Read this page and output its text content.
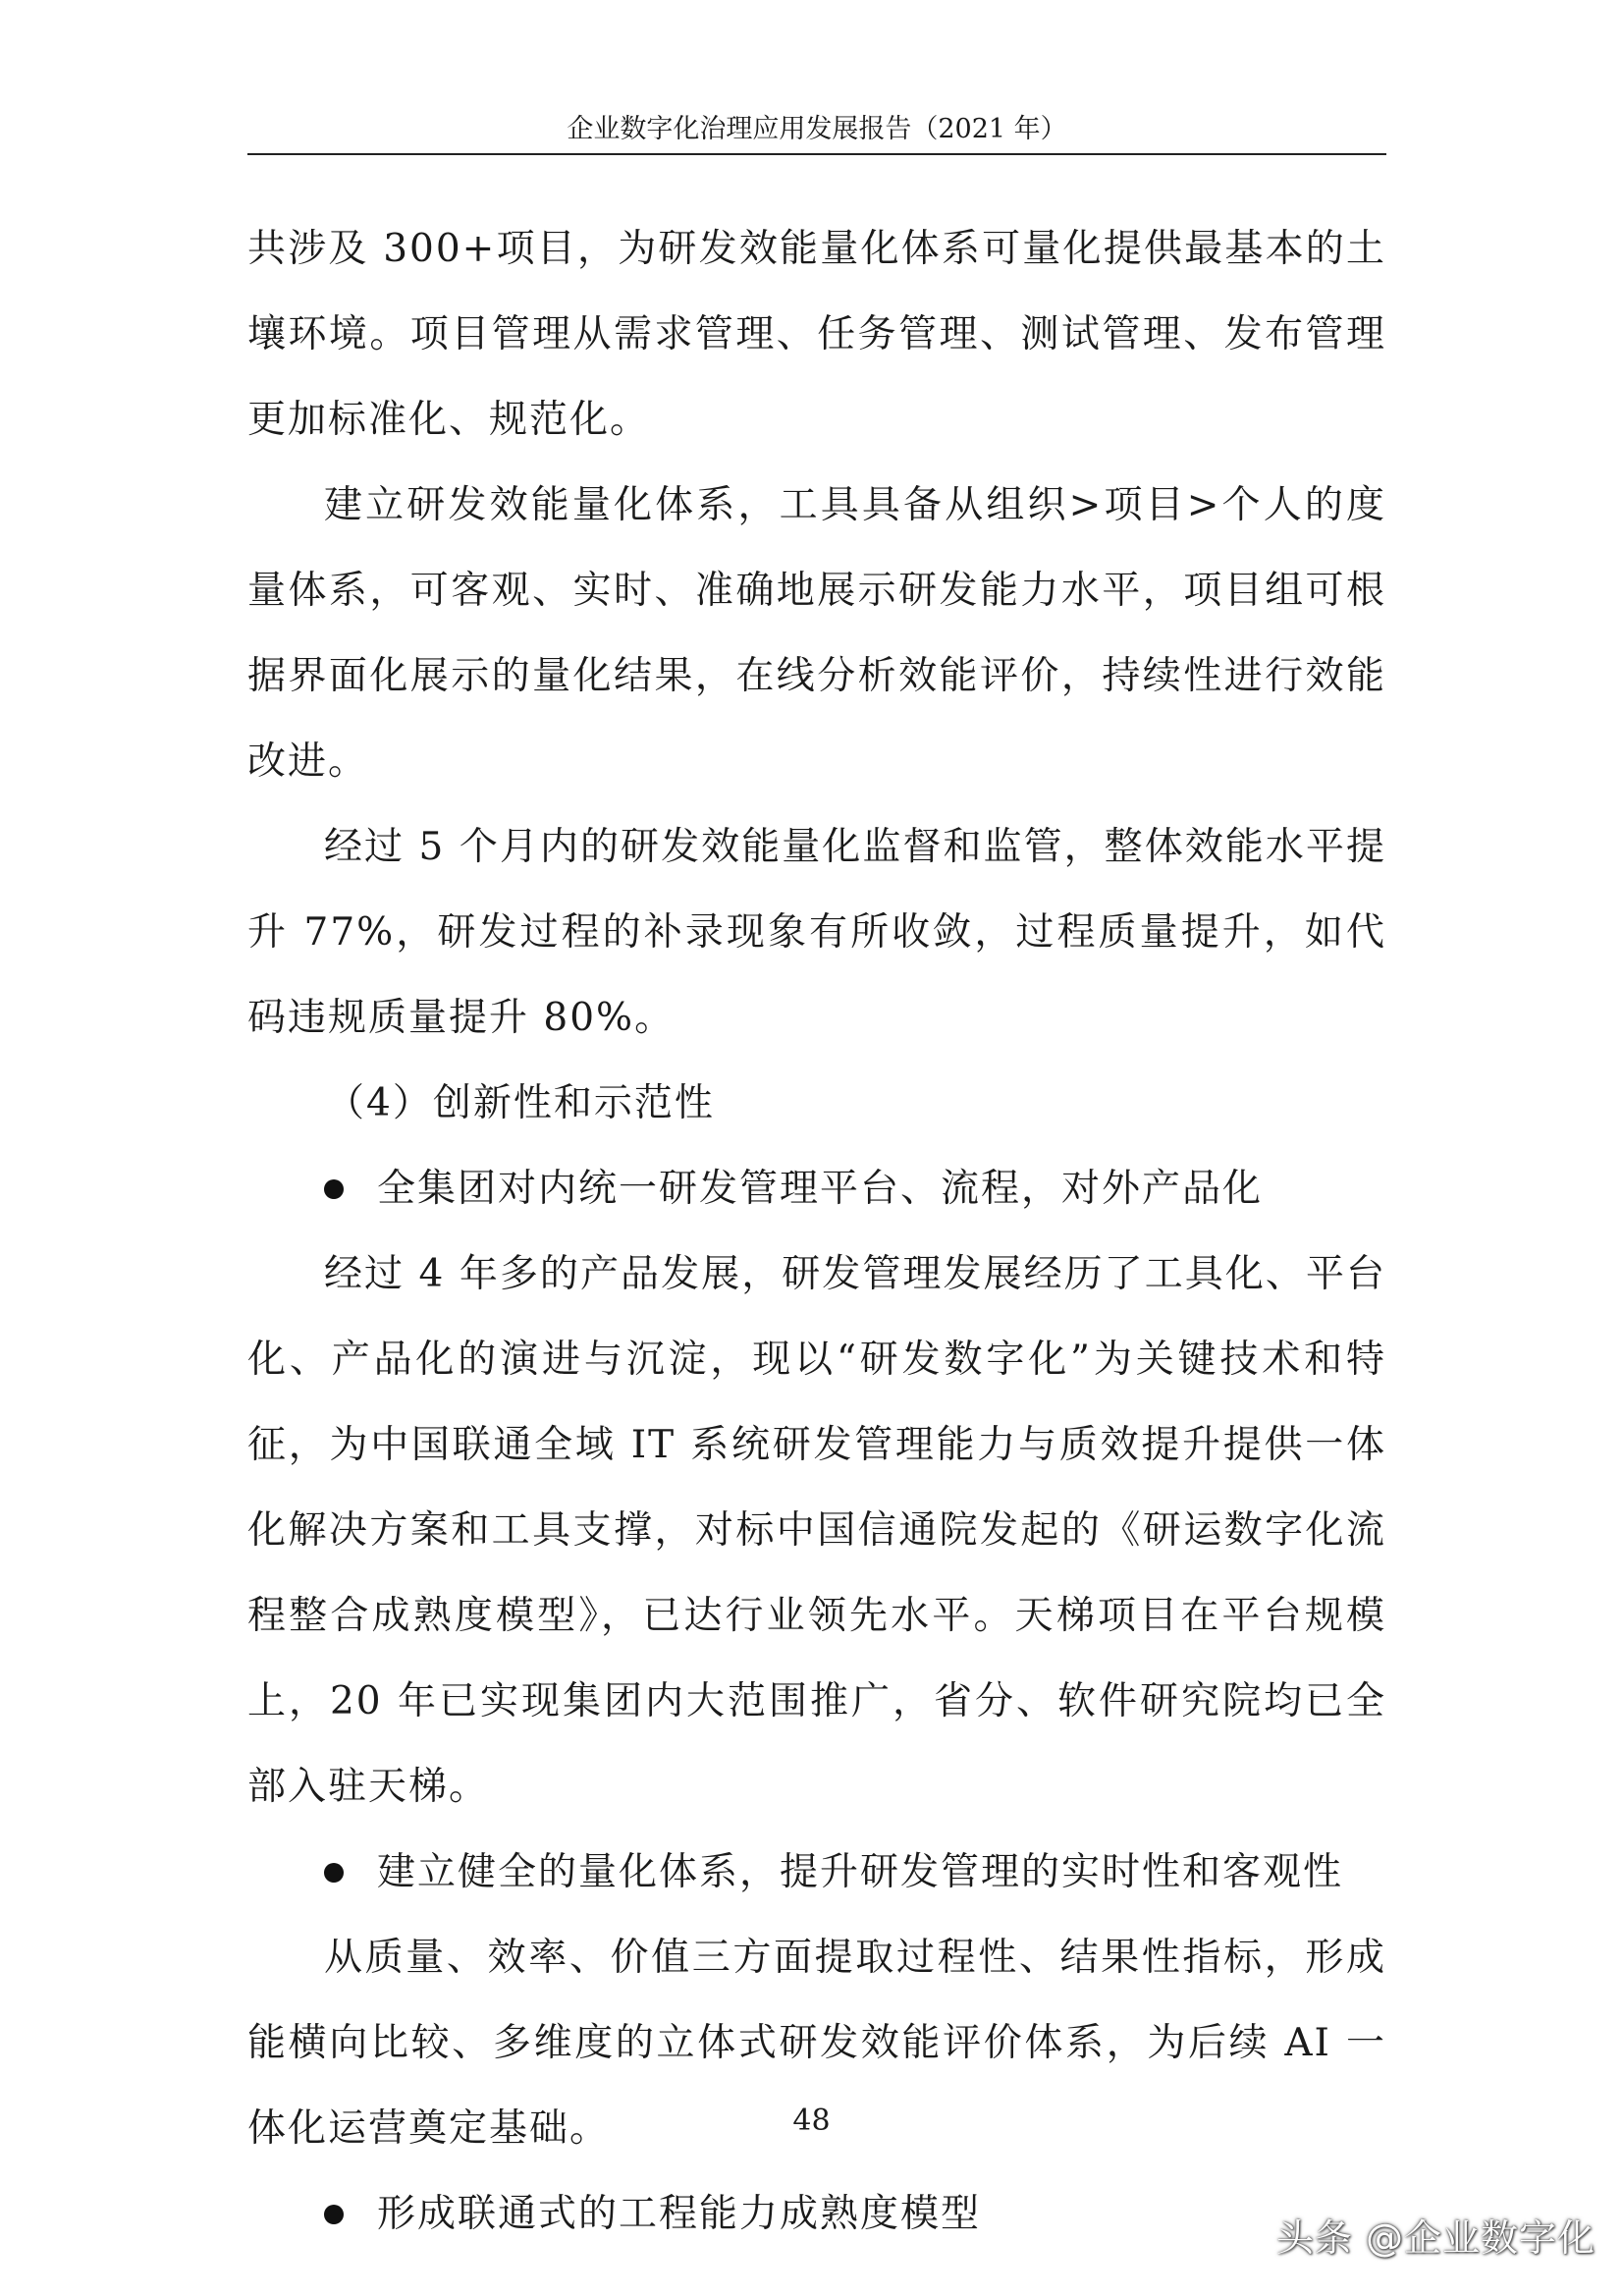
企业数字化治理应用发展报告（2021 年）

共涉及 300+项目，为研发效能量化体系可量化提供最基本的土壤环境。项目管理从需求管理、任务管理、测试管理、发布管理更加标准化、规范化。

建立研发效能量化体系，工具具备从组织>项目>个人的度量体系，可客观、实时、准确地展示研发能力水平，项目组可根据界面化展示的量化结果，在线分析效能评价，持续性进行效能改进。

经过 5 个月内的研发效能量化监督和监管，整体效能水平提升 77%，研发过程的补录现象有所收敛，过程质量提升，如代码违规质量提升 80%。

（4）创新性和示范性

全集团对内统一研发管理平台、流程，对外产品化

经过 4 年多的产品发展，研发管理发展经历了工具化、平台化、产品化的演进与沉淀，现以“研发数字化”为关键技术和特征，为中国联通全域 IT 系统研发管理能力与质效提升提供一体化解决方案和工具支撑，对标中国信通院发起的《研运数字化流程整合成熟度模型》，已达行业领先水平。天梯项目在平台规模上，20 年已实现集团内大范围推广，省分、软件研究院均已全部入驻天梯。

建立健全的量化体系，提升研发管理的实时性和客观性

从质量、效率、价值三方面提取过程性、结果性指标，形成能横向比较、多维度的立体式研发效能评价体系，为后续 AI 一体化运营奠定基础。

形成联通式的工程能力成熟度模型

48
头条 @企业数字化
